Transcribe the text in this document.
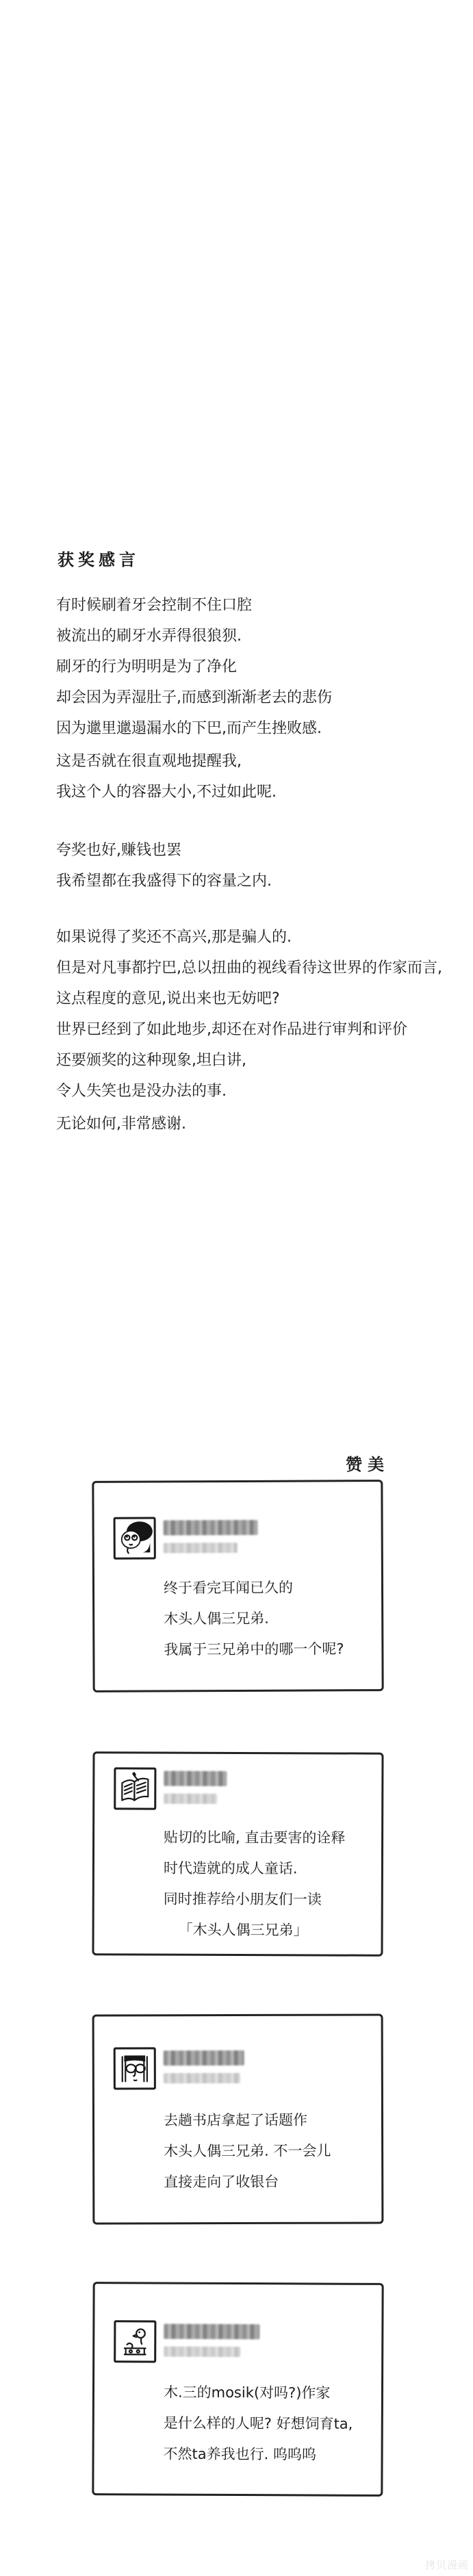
获奖感言
有时候刷着牙会控制不住口腔
被流出的刷牙水弄得很狼狈.
刷牙的行为明明是为了净化
却会因为弄湿肚子,而感到渐渐老去的悲伤
因为邋里邋遢漏水的下巴,而产生挫败感.
这是否就在很直观地提醒我,
我这个人的容器大小,不过如此呢.
夸奖也好,赚钱也罢
我希望都在我盛得下的容量之内.
如果说得了奖还不高兴,那是骗人的.
但是对凡事都拧巴,总以扭曲的视线看待这世界的作家而言,
这点程度的意见,说出来也无妨吧?
世界已经到了如此地步,却还在对作品进行审判和评价
还要颁奖的这种现象,坦白讲,
令人失笑也是没办法的事.
无论如何,非常感谢.
赞美
终于看完耳闻已久的
木头人偶三兄弟.
我属于三兄弟中的哪一个呢?
贴切的比喻, 直击要害的诠释
时代造就的成人童话.
同时推荐给小朋友们一读
「木头人偶三兄弟」
去趟书店拿起了话题作
木头人偶三兄弟. 不一会儿
直接走向了收银台
木.三的mosik(对吗?)作家
是什么样的人呢? 好想饲育ta,
不然ta养我也行. 呜呜呜
拷贝漫画
